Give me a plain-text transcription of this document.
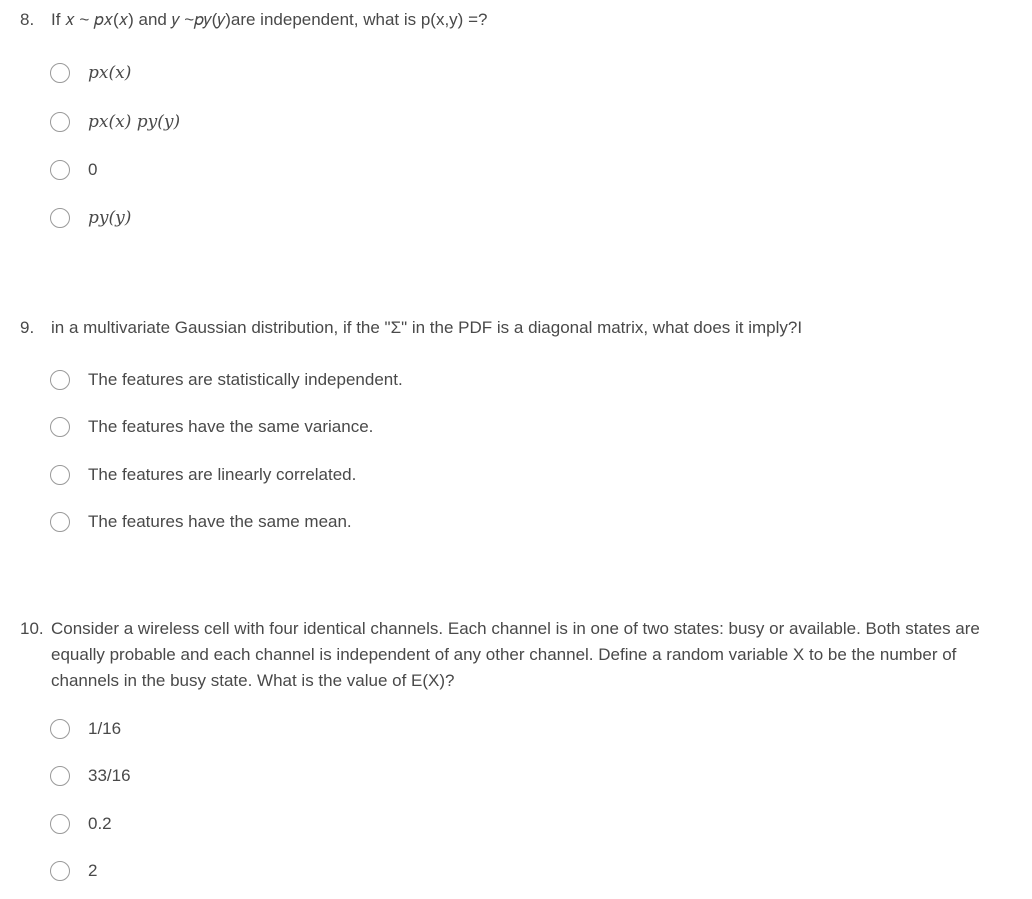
8. If 𝑥 ~ 𝑝𝑥(𝑥) and 𝑦 ~𝑝𝑦(𝑦)are independent, what is p(x,y) =?
𝑝𝑥(𝑥)
𝑝𝑥(𝑥) 𝑝𝑦(𝑦)
0
𝑝𝑦(𝑦)
9. in a multivariate Gaussian distribution, if the "Σ" in the PDF is a diagonal matrix, what does it imply?I
The features are statistically independent.
The features have the same variance.
The features are linearly correlated.
The features have the same mean.
10. Consider a wireless cell with four identical channels. Each channel is in one of two states: busy or available. Both states are equally probable and each channel is independent of any other channel. Define a random variable X to be the number of channels in the busy state. What is the value of E(X)?
1/16
33/16
0.2
2
